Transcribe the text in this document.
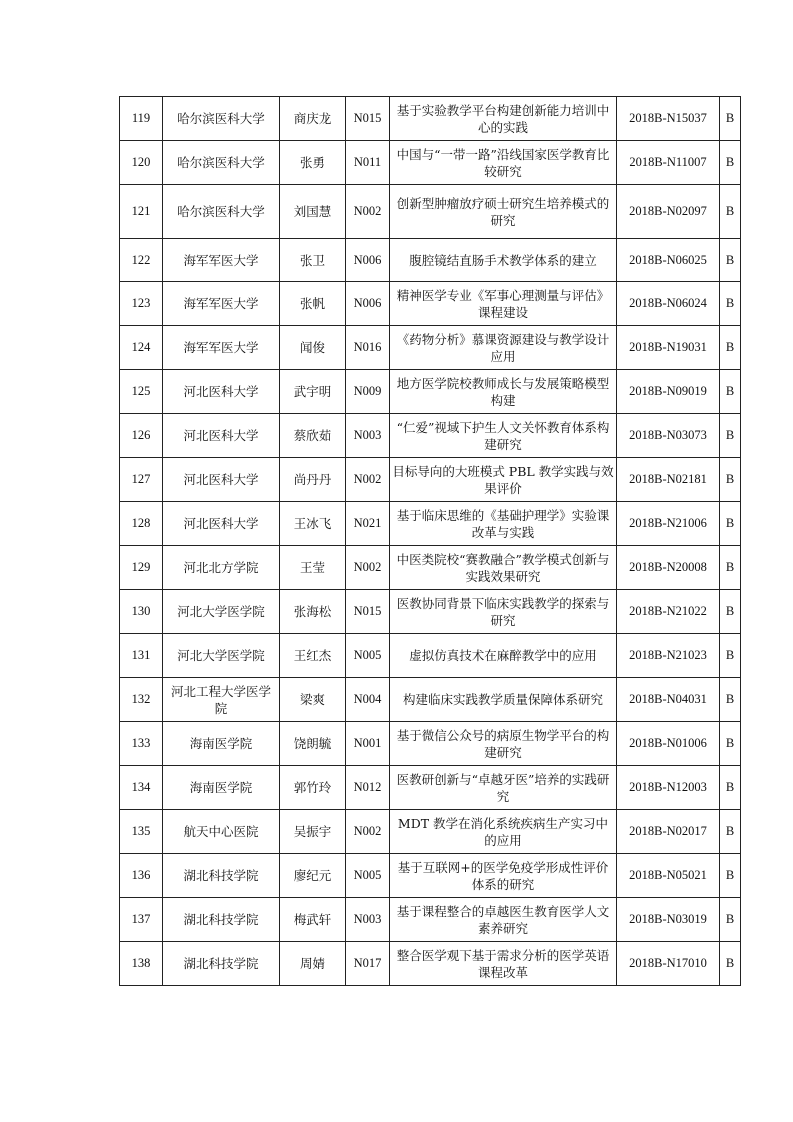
119	哈尔滨医科大学	商庆龙	N015	基于实验教学平台构建创新能力培训中心的实践	2018B-N15037	B
120	哈尔滨医科大学	张勇	N011	中国与“一带一路”沿线国家医学教育比较研究	2018B-N11007	B
121	哈尔滨医科大学	刘国慧	N002	创新型肿瘤放疗硕士研究生培养模式的研究	2018B-N02097	B
122	海军军医大学	张卫	N006	腹腔镜结直肠手术教学体系的建立	2018B-N06025	B
123	海军军医大学	张帆	N006	精神医学专业《军事心理测量与评估》课程建设	2018B-N06024	B
124	海军军医大学	闻俊	N016	《药物分析》慕课资源建设与教学设计应用	2018B-N19031	B
125	河北医科大学	武宇明	N009	地方医学院校教师成长与发展策略模型构建	2018B-N09019	B
126	河北医科大学	蔡欣茹	N003	“仁爱”视域下护生人文关怀教育体系构建研究	2018B-N03073	B
127	河北医科大学	尚丹丹	N002	目标导向的大班模式 PBL 教学实践与效果评价	2018B-N02181	B
128	河北医科大学	王冰飞	N021	基于临床思维的《基础护理学》实验课改革与实践	2018B-N21006	B
129	河北北方学院	王莹	N002	中医类院校“赛教融合”教学模式创新与实践效果研究	2018B-N20008	B
130	河北大学医学院	张海松	N015	医教协同背景下临床实践教学的探索与研究	2018B-N21022	B
131	河北大学医学院	王红杰	N005	虚拟仿真技术在麻醉教学中的应用	2018B-N21023	B
132	河北工程大学医学院	梁爽	N004	构建临床实践教学质量保障体系研究	2018B-N04031	B
133	海南医学院	饶朗毓	N001	基于微信公众号的病原生物学平台的构建研究	2018B-N01006	B
134	海南医学院	郭竹玲	N012	医教研创新与“卓越牙医”培养的实践研究	2018B-N12003	B
135	航天中心医院	吴振宇	N002	MDT 教学在消化系统疾病生产实习中的应用	2018B-N02017	B
136	湖北科技学院	廖纪元	N005	基于互联网+的医学免疫学形成性评价体系的研究	2018B-N05021	B
137	湖北科技学院	梅武轩	N003	基于课程整合的卓越医生教育医学人文素养研究	2018B-N03019	B
138	湖北科技学院	周婧	N017	整合医学观下基于需求分析的医学英语课程改革	2018B-N17010	B
